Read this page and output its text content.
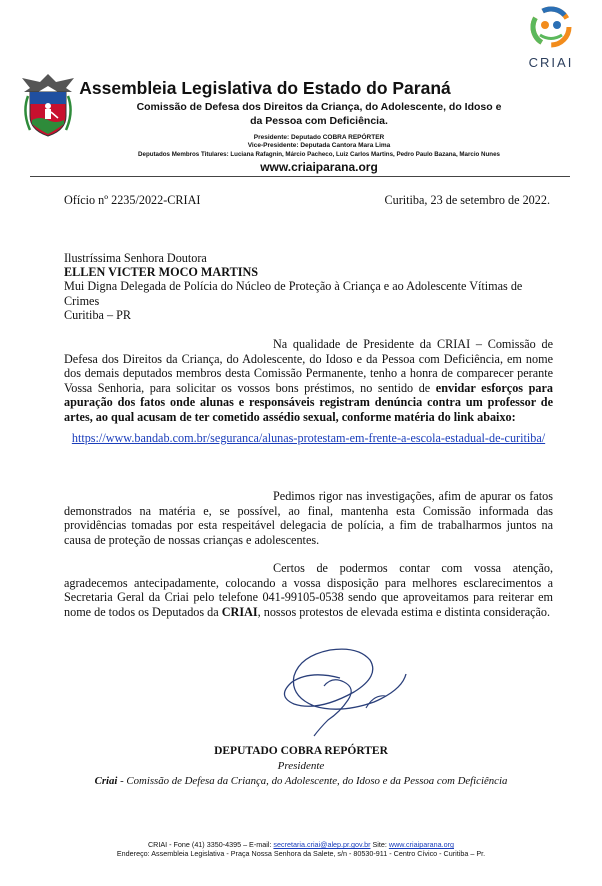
CRIAI
Assembleia Legislativa do Estado do Paraná
Comissão de Defesa dos Direitos da Criança, do Adolescente, do Idoso e
da Pessoa com Deficiência.
Presidente: Deputado COBRA REPÓRTER
Vice-Presidente: Deputada Cantora Mara Lima
Deputados Membros Titulares: Luciana Rafagnin, Márcio Pacheco, Luiz Carlos Martins, Pedro Paulo Bazana, Marcio Nunes
www.criaiparana.org
Ofício nº 2235/2022-CRIAI	Curitiba, 23 de setembro de 2022.
Ilustríssima Senhora Doutora
ELLEN VICTER MOCO MARTINS
Mui Digna Delegada de Polícia do Núcleo de Proteção à Criança e ao Adolescente Vítimas de Crimes
Curitiba – PR
Na qualidade de Presidente da CRIAI – Comissão de Defesa dos Direitos da Criança, do Adolescente, do Idoso e da Pessoa com Deficiência, em nome dos demais deputados membros desta Comissão Permanente, tenho a honra de comparecer perante Vossa Senhoria, para solicitar os vossos bons préstimos, no sentido de envidar esforços para apuração dos fatos onde alunas e responsáveis registram denúncia contra um professor de artes, ao qual acusam de ter cometido assédio sexual, conforme matéria do link abaixo:
https://www.bandab.com.br/seguranca/alunas-protestam-em-frente-a-escola-estadual-de-curitiba/
Pedimos rigor nas investigações, afim de apurar os fatos demonstrados na matéria e, se possível, ao final, mantenha esta Comissão informada das providências tomadas por esta respeitável delegacia de polícia, a fim de trabalharmos juntos na causa de proteção de nossas crianças e adolescentes.
Certos de podermos contar com vossa atenção, agradecemos antecipadamente, colocando a vossa disposição para melhores esclarecimentos a Secretaria Geral da Criai pelo telefone 041-99105-0538 sendo que aproveitamos para reiterar em nome de todos os Deputados da CRIAI, nossos protestos de elevada estima e distinta consideração.
DEPUTADO COBRA REPÓRTER
Presidente
Criai - Comissão de Defesa da Criança, do Adolescente, do Idoso e da Pessoa com Deficiência
CRIAI - Fone (41) 3350-4395 – E-mail: secretaria.criai@alep.pr.gov.br Site: www.criaiparana.org
Endereço: Assembleia Legislativa - Praça Nossa Senhora da Salete, s/n - 80530-911 - Centro Cívico - Curitiba – Pr.
